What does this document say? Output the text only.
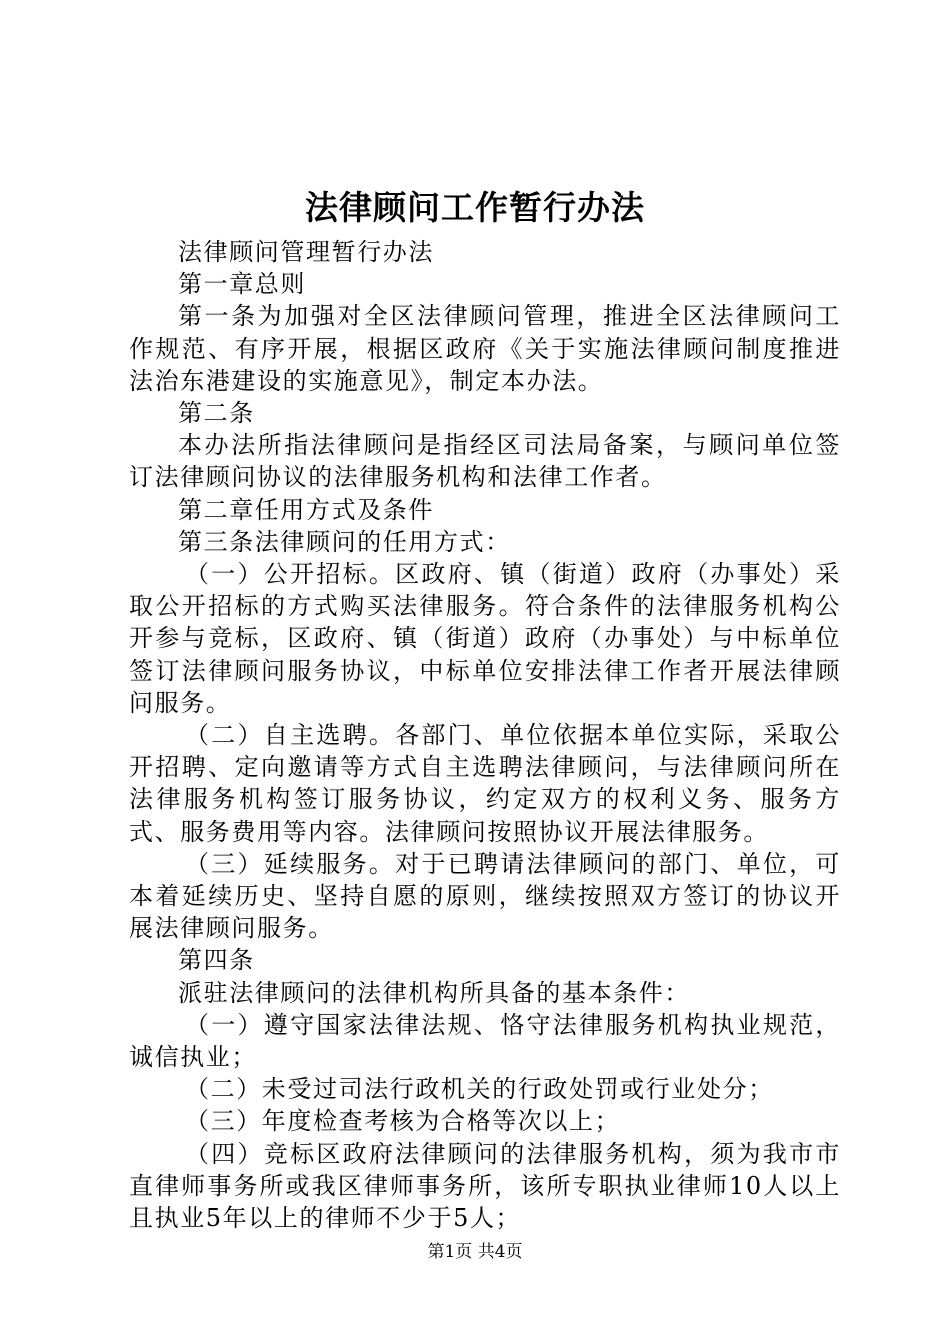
法律顾问工作暂行办法

法律顾问管理暂行办法

第一章总则

第一条为加强对全区法律顾问管理，推进全区法律顾问工作规范、有序开展，根据区政府《关于实施法律顾问制度推进法治东港建设的实施意见》，制定本办法。

第二条

本办法所指法律顾问是指经区司法局备案，与顾问单位签订法律顾问协议的法律服务机构和法律工作者。

第二章任用方式及条件

第三条法律顾问的任用方式：

（一）公开招标。区政府、镇（街道）政府（办事处）采取公开招标的方式购买法律服务。符合条件的法律服务机构公开参与竞标，区政府、镇（街道）政府（办事处）与中标单位签订法律顾问服务协议，中标单位安排法律工作者开展法律顾问服务。

（二）自主选聘。各部门、单位依据本单位实际，采取公开招聘、定向邀请等方式自主选聘法律顾问，与法律顾问所在法律服务机构签订服务协议，约定双方的权利义务、服务方式、服务费用等内容。法律顾问按照协议开展法律服务。

（三）延续服务。对于已聘请法律顾问的部门、单位，可本着延续历史、坚持自愿的原则，继续按照双方签订的协议开展法律顾问服务。

第四条

派驻法律顾问的法律机构所具备的基本条件：

（一）遵守国家法律法规、恪守法律服务机构执业规范，诚信执业；

（二）未受过司法行政机关的行政处罚或行业处分；

（三）年度检查考核为合格等次以上；

（四）竞标区政府法律顾问的法律服务机构，须为我市市直律师事务所或我区律师事务所，该所专职执业律师10人以上且执业5年以上的律师不少于5人；

第1页 共4页
